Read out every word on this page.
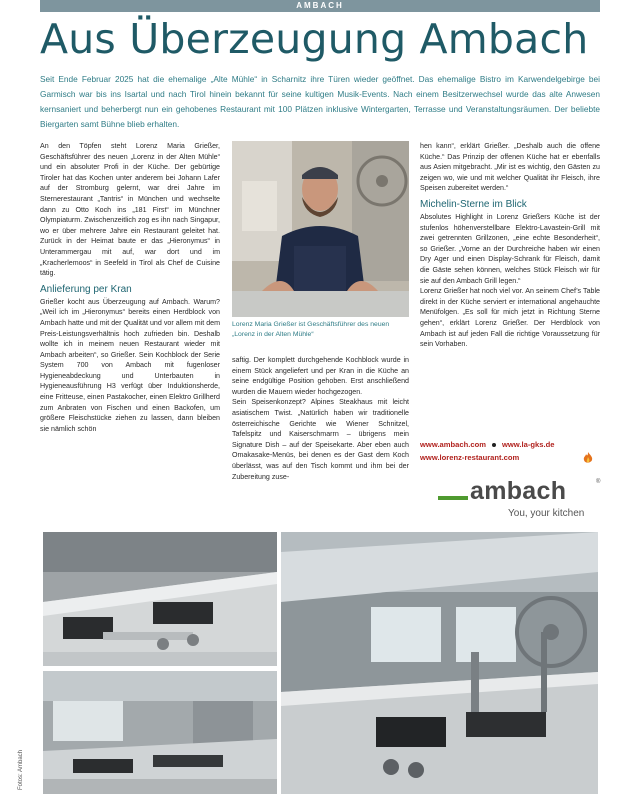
AMBACH
Aus Überzeugung Ambach

Seit Ende Februar 2025 hat die ehemalige „Alte Mühle“ in Scharnitz ihre Türen wieder geöffnet. Das ehemalige Bistro im Karwendelgebirge bei Garmisch war bis ins Isartal und nach Tirol hinein bekannt für seine kultigen Musik-Events. Nach einem Besitzerwechsel wurde das alte Anwesen kernsaniert und beherbergt nun ein gehobenes Restaurant mit 100 Plätzen inklusive Wintergarten, Terrasse und Veranstaltungsräumen. Der beliebte Biergarten samt Bühne blieb erhalten.

An den Töpfen steht Lorenz Maria Grießer, Geschäftsführer des neuen „Lorenz in der Alten Mühle“ und ein absoluter Profi in der Küche. Der gebürtige Tiroler hat das Kochen unter anderem bei Johann Lafer auf der Stromburg gelernt, war drei Jahre im Sternerestaurant „Tantris“ in München und wechselte dann zu Otto Koch ins „181 First“ im Münchner Olympiaturm. Zwischenzeitlich zog es ihn nach Singapur, wo er über mehrere Jahre ein Restaurant geleitet hat. Zurück in der Heimat baute er das „Hieronymus“ in Unterammergau mit auf, war dort und im „Kracherlemoos“ in Seefeld in Tirol als Chef de Cuisine tätig.

Anlieferung per Kran

Grießer kocht aus Überzeugung auf Ambach. Warum? „Weil ich im „Hieronymus“ bereits einen Herdblock von Ambach hatte und mit der Qualität und vor allem mit dem Preis-Leistungsverhältnis hoch zufrieden bin. Deshalb wollte ich in meinem neuen Restaurant wieder mit Ambach arbeiten“, so Grießer. Sein Kochblock der Serie System 700 von Ambach mit fugenloser Hygieneabdeckung und Unterbauten in Hygieneausführung H3 verfügt über Induktionsherde, eine Fritteuse, einen Pastakocher, einen Elektro Grillherd zum Anbraten von Fischen und einen Backofen, um größere Fleischstücke ziehen zu lassen, dann bleiben sie nämlich schön

Lorenz Maria Grießer ist Geschäftsführer des neuen „Lorenz in der Alten Mühle“

saftig. Der komplett durchgehende Kochblock wurde in einem Stück angeliefert und per Kran in die Küche an seine endgültige Position gehoben. Erst anschließend wurden die Mauern wieder hochgezogen.

Sein Speisenkonzept? Alpines Steakhaus mit leicht asiatischem Twist. „Natürlich haben wir traditionelle österreichische Gerichte wie Wiener Schnitzel, Tafelspitz und Kaiserschmarrn – übrigens mein Signature Dish – auf der Speisekarte. Aber eben auch Omakasake-Menüs, bei denen es der Gast dem Koch überlässt, was auf den Tisch kommt und ihm bei der Zubereitung zuse-

hen kann“, erklärt Grießer. „Deshalb auch die offene Küche.“ Das Prinzip der offenen Küche hat er ebenfalls aus Asien mitgebracht. „Mir ist es wichtig, den Gästen zu zeigen wo, wie und mit welcher Qualität ihr Fleisch, ihre Speisen zubereitet werden.“

Michelin-Sterne im Blick

Absolutes Highlight in Lorenz Grießers Küche ist der stufenlos höhenverstellbare Elektro-Lavastein-Grill mit zwei getrennten Grillzonen, „eine echte Besonderheit“, so Grießer. „Vorne an der Durchreiche haben wir einen Dry Ager und einen Display-Schrank für Fleisch, damit die Gäste sehen können, welches Stück Fleisch wir für sie auf den Ambach Grill legen.“

Lorenz Grießer hat noch viel vor. An seinem Chef’s Table direkt in der Küche serviert er international angehauchte Menüfolgen. „Es soll für mich jetzt in Richtung Sterne gehen“, erklärt Lorenz Grießer. Der Herdblock von Ambach ist auf jeden Fall die richtige Voraussetzung für sein Vorhaben.

www.ambach.com www.la-gks.de
www.lorenz-restaurant.com
ambach	®
You, your kitchen
Fotos: Ambach
